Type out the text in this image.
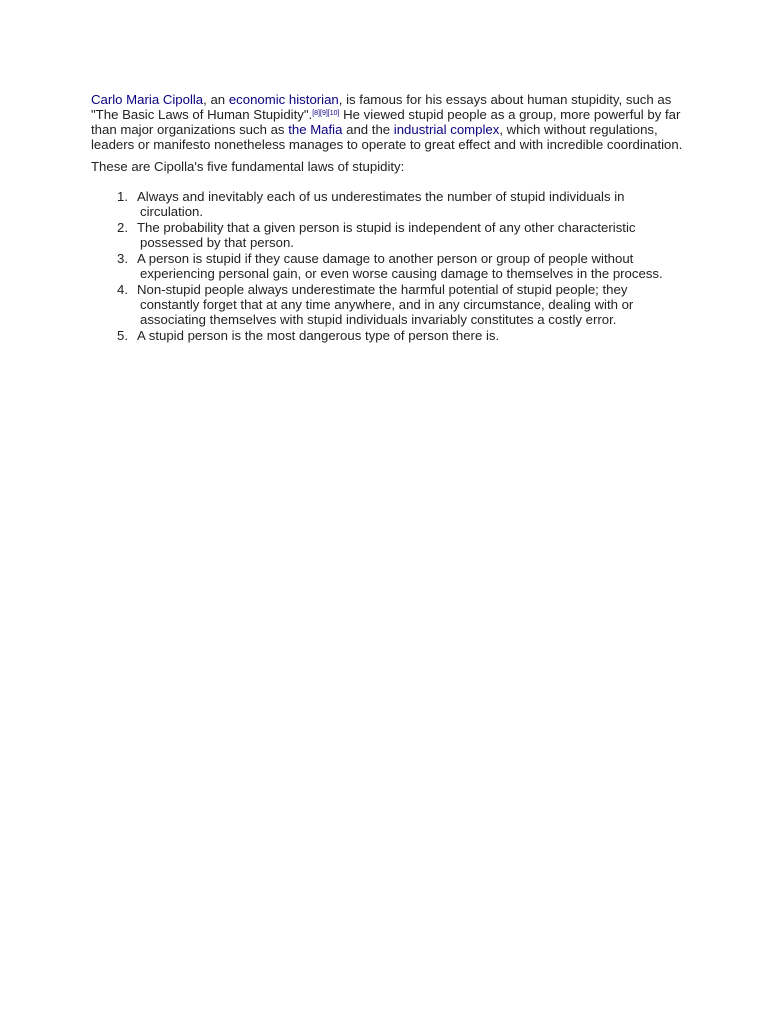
Carlo Maria Cipolla, an economic historian, is famous for his essays about human stupidity, such as "The Basic Laws of Human Stupidity".[8][9][10] He viewed stupid people as a group, more powerful by far than major organizations such as the Mafia and the industrial complex, which without regulations, leaders or manifesto nonetheless manages to operate to great effect and with incredible coordination.

These are Cipolla's five fundamental laws of stupidity:

1. Always and inevitably each of us underestimates the number of stupid individuals in circulation.
2. The probability that a given person is stupid is independent of any other characteristic possessed by that person.
3. A person is stupid if they cause damage to another person or group of people without experiencing personal gain, or even worse causing damage to themselves in the process.
4. Non-stupid people always underestimate the harmful potential of stupid people; they constantly forget that at any time anywhere, and in any circumstance, dealing with or associating themselves with stupid individuals invariably constitutes a costly error.
5. A stupid person is the most dangerous type of person there is.
